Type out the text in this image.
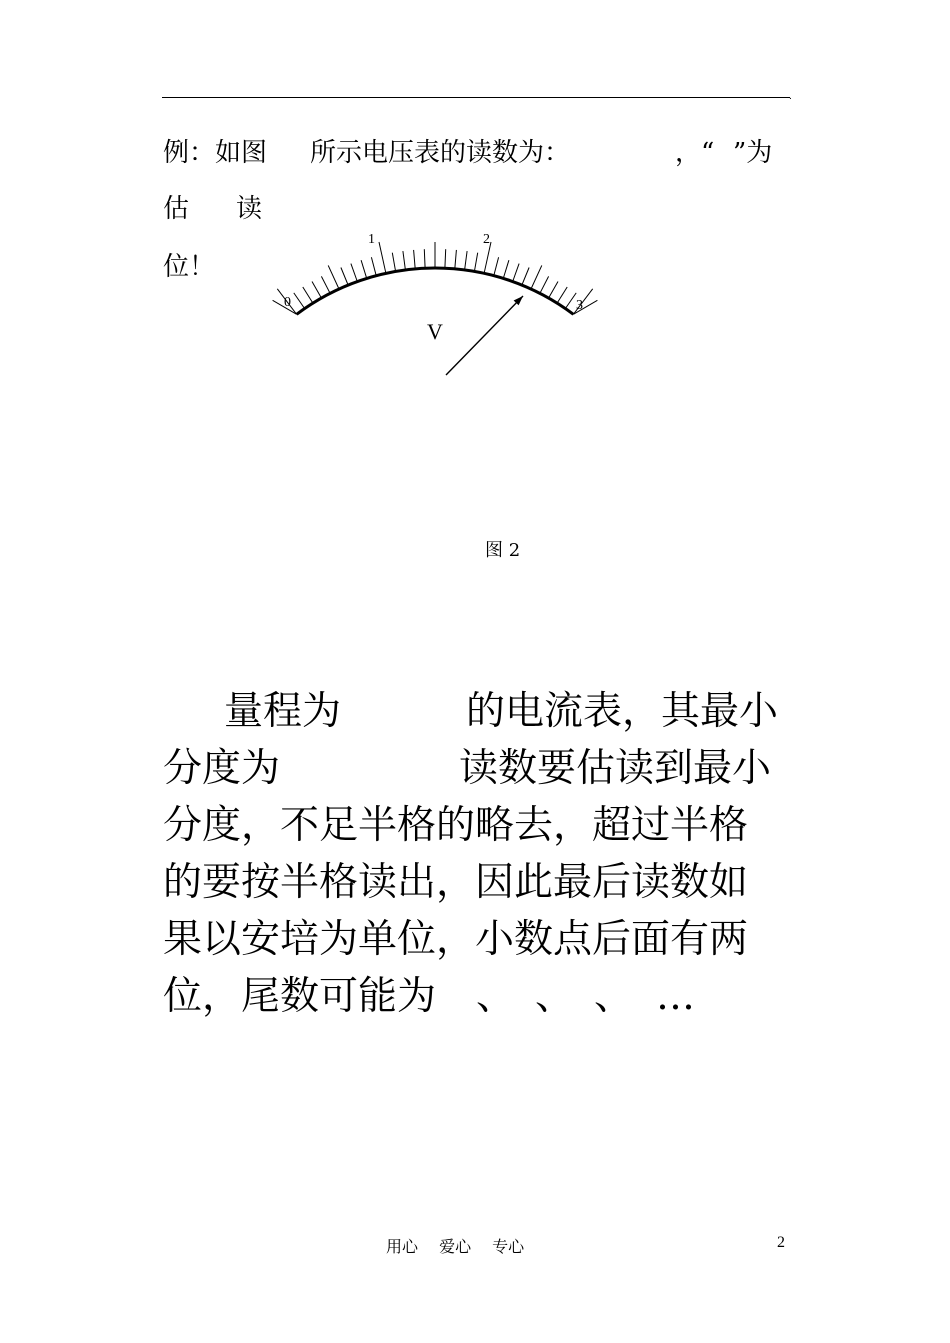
.
例：如图 所示电压表的读数为：	，“ ”为
估 读
位！
0
1	2
3
V
图 2
量程为	的电流表，其最小
分度为	读数要估读到最小
分度，不足半格的略去，超过半格
的要按半格读出，因此最后读数如
果以安培为单位，小数点后面有两
位，尾数可能为 、 、 、 …
用心　 爱心　 专心	2
